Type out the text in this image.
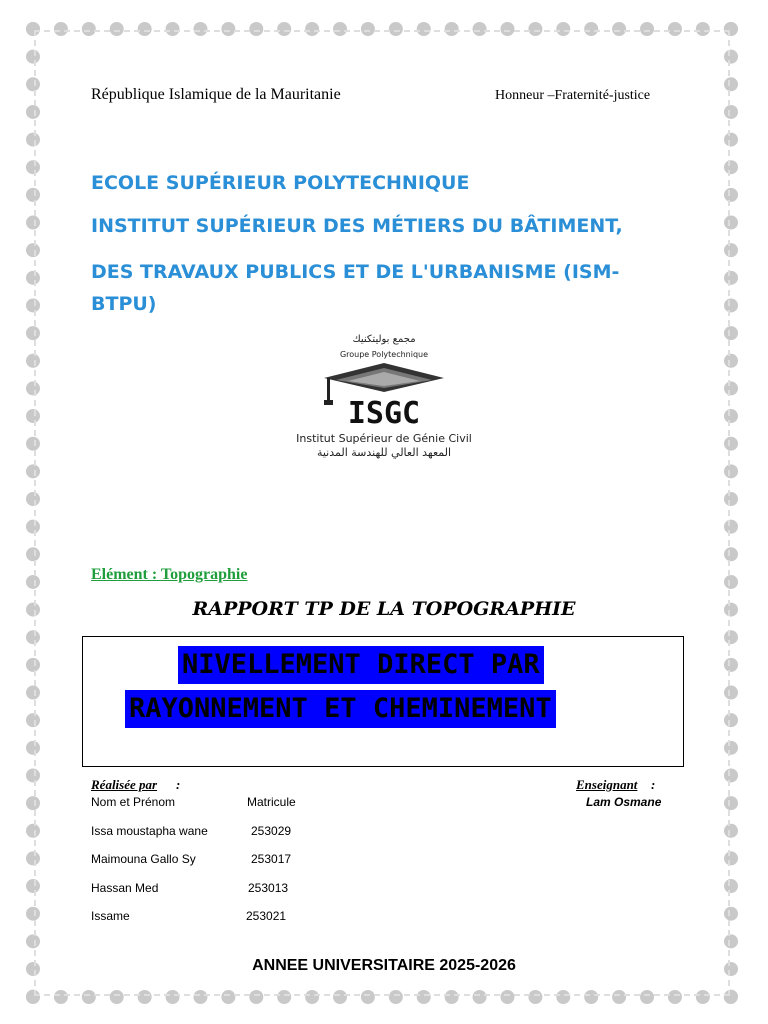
République Islamique de la Mauritanie	Honneur –Fraternité-justice
ECOLE SUPÉRIEUR POLYTECHNIQUE
INSTITUT SUPÉRIEUR DES MÉTIERS DU BÂTIMENT,
DES TRAVAUX PUBLICS ET DE L'URBANISME (ISM-
BTPU)
مجمع بوليتكنيك
Groupe Polytechnique
ISGC
Institut Supérieur de Génie Civil
المعهد العالي للهندسة المدنية
Elément : Topographie
RAPPORT TP DE LA TOPOGRAPHIE
NIVELLEMENT DIRECT PAR
RAYONNEMENT ET CHEMINEMENT
Réalisée par :	Enseignant :
Lam Osmane
Nom et Prénom	Matricule
Issa moustapha wane	253029
Maimouna Gallo Sy	253017
Hassan Med	253013
Issame	253021
ANNEE UNIVERSITAIRE 2025-2026
